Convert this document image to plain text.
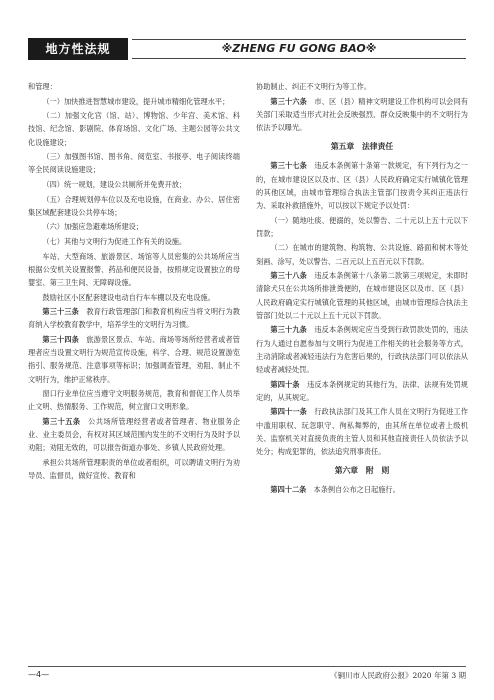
地方性法规	※ZHENG FU GONG BAO※

和管理：

（一）加快推进智慧城市建设，提升城市精细化管理水平；

（二）加强文化宫（馆、站）、博物馆、少年宫、美术馆、科技馆、纪念馆、影剧院、体育场馆、文化广场、主题公园等公共文化设施建设；

（三）加强图书馆、图书角、阅览室、书报亭、电子阅读终端等全民阅读设施建设；

（四）统一规划，建设公共厕所并免费开放；

（五）合理规划停车位以及充电设施，在商业、办公、居住密集区域配套建设公共停车场；

（六）加强应急避难场所建设；

（七）其他与文明行为促进工作有关的设施。

车站、大型商场、旅游景区、场馆等人员密集的公共场所应当根据公安机关设置报警、药品和便民设备，按照规定设置独立的母婴室、第三卫生间、无障碍设施。

鼓励社区小区配套建设电动自行车车棚以及充电设施。

第三十三条　 教育行政管理部门和教育机构应当将文明行为教育纳入学校教育教学中，培养学生的文明行为习惯。

第三十四条　 旅游景区景点、车站、商场等场所经营者或者管理者应当设置文明行为规范宣传设施，科学、合理、规范设置游览指引、服务规范、注意事项等标识；加强调查管理，劝阻、制止不文明行为，维护正常秩序。

窗口行业单位应当遵守文明服务规范，教育和督促工作人员举止文明、热情服务、工作规范，树立窗口文明形象。

第三十五条　 公共场所管理经营者或者管理者、物业服务企业、业主委员会，有权对其区域范围内发生的不文明行为及时予以劝阻；劝阻无效的，可以报告街道办事处、乡镇人民政府处理。

承担公共场所管理职责的单位或者组织，可以聘请文明行为劝导员、监督员，做好宣传、教育和

协助制止、纠正不文明行为等工作。

第三十六条　 市、区（县）精神文明建设工作机构可以会同有关部门采取适当形式对社会反映强烈、群众反映集中的不文明行为依法予以曝光。

第五章　法律责任

第三十七条　 违反本条例第十条第一款规定，有下列行为之一的，在城市建设区以及市、区（县）人民政府确定实行城镇化管理的其他区域，由城市管理综合执法主管部门按责令其纠正违法行为、采取补救措施外，可以按以下规定予以处罚：

（一）随地吐痰、便溺的，处以警告、二十元以上五十元以下罚款；

（二）在城市的建筑物、构筑物、公共设施、路面和树木等处刻画、涂写，处以警告、二百元以上五百元以下罚款。

第三十八条　 违反本条例第十八条第二款第三项规定，未即时清除犬只在公共场所排泄粪便的，在城市建设区以及市、区（县）人民政府确定实行城镇化管理的其他区域，由城市管理综合执法主管部门处以二十元以上五十元以下罚款。

第三十九条　 违反本条例规定应当受到行政罚款处罚的，违法行为人通过自愿参加与文明行为促进工作相关的社会服务等方式，主动消除或者减轻违法行为危害后果的，行政执法部门可以依法从轻或者减轻处罚。

第四十条　 违反本条例规定的其他行为，法律、法规有处罚规定的，从其规定。

第四十一条　 行政执法部门及其工作人员在文明行为促进工作中滥用职权、玩忽职守、徇私舞弊的，由其所在单位或者上级机关、监察机关对直接负责的主管人员和其他直接责任人员依法予以处分；构成犯罪的，依法追究刑事责任。

第六章　附　则

第四十二条　 本条例自公布之日起施行。

—4—	《铜川市人民政府公报》2020 年第 3 期
